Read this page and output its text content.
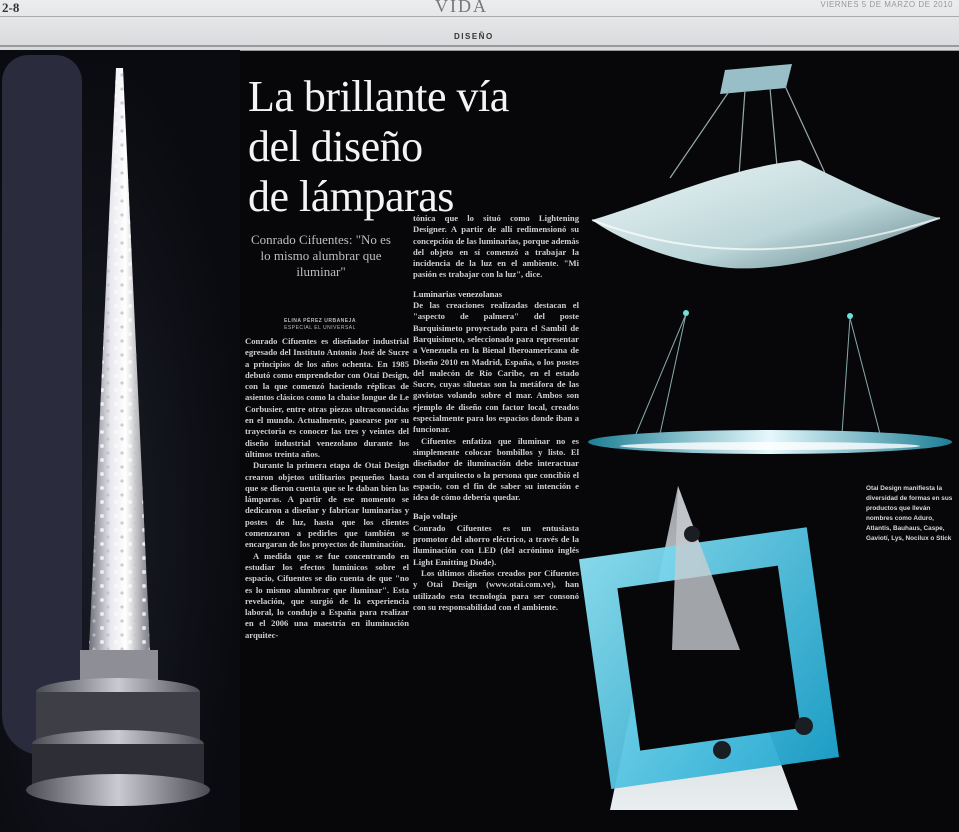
2-8	VIDA	VIERNES 5 DE MARZO DE 2010
DISEÑO
La brillante vía
del diseño
de lámparas
Conrado Cifuentes: "No es lo mismo alumbrar que iluminar"
ELINA PÉREZ URBANEJA
ESPECIAL EL UNIVERSAL

Conrado Cifuentes es diseñador industrial egresado del Instituto Antonio José de Sucre a principios de los años ochenta. En 1985 debutó como emprendedor con Otai Design, con la que comenzó haciendo réplicas de asientos clásicos como la chaise longue de Le Corbusier, entre otras piezas ultraconocidas en el mundo. Actualmente, pasearse por su trayectoria es conocer las tres y veintes del diseño industrial venezolano durante los últimos treinta años.

Durante la primera etapa de Otai Design crearon objetos utilitarios pequeños hasta que se dieron cuenta que se le daban bien las lámparas. A partir de ese momento se dedicaron a diseñar y fabricar luminarias y postes de luz, hasta que los clientes comenzaron a pedirles que también se encargaran de los proyectos de iluminación.

A medida que se fue concentrando en estudiar los efectos lumínicos sobre el espacio, Cifuentes se dio cuenta de que "no es lo mismo alumbrar que iluminar". Esta revelación, que surgió de la experiencia laboral, lo condujo a España para realizar en el 2006 una maestría en iluminación arquitec-

tónica que lo situó como Lightening Designer. A partir de allí redimensionó su concepción de las luminarias, porque además del objeto en sí comenzó a trabajar la incidencia de la luz en el ambiente. "Mi pasión es trabajar con la luz", dice.

Luminarias venezolanas

De las creaciones realizadas destacan el "aspecto de palmera" del poste Barquisimeto proyectado para el Sambil de Barquisimeto, seleccionado para representar a Venezuela en la Bienal Iberoamericana de Diseño 2010 en Madrid, España, o los postes del malecón de Río Caribe, en el estado Sucre, cuyas siluetas son la metáfora de las gaviotas volando sobre el mar. Ambos son ejemplo de diseño con factor local, creados especialmente para los espacios donde iban a funcionar.

Cifuentes enfatiza que iluminar no es simplemente colocar bombillos y listo. El diseñador de iluminación debe interactuar con el arquitecto o la persona que concibió el espacio, con el fin de saber su intención e idea de cómo debería quedar.

Bajo voltaje

Conrado Cifuentes es un entusiasta promotor del ahorro eléctrico, a través de la iluminación con LED (del acrónimo inglés Light Emitting Diode).

Los últimos diseños creados por Cifuentes y Otai Design (www.otai.com.ve), han utilizado esta tecnología para ser consonó con su responsabilidad con el ambiente.

Otai Design manifiesta la diversidad de formas en sus productos que lleván nombres como Aduro, Atlantis, Bauhaus, Caspe, Gaviotí, Lys, Nocilux o Stick
